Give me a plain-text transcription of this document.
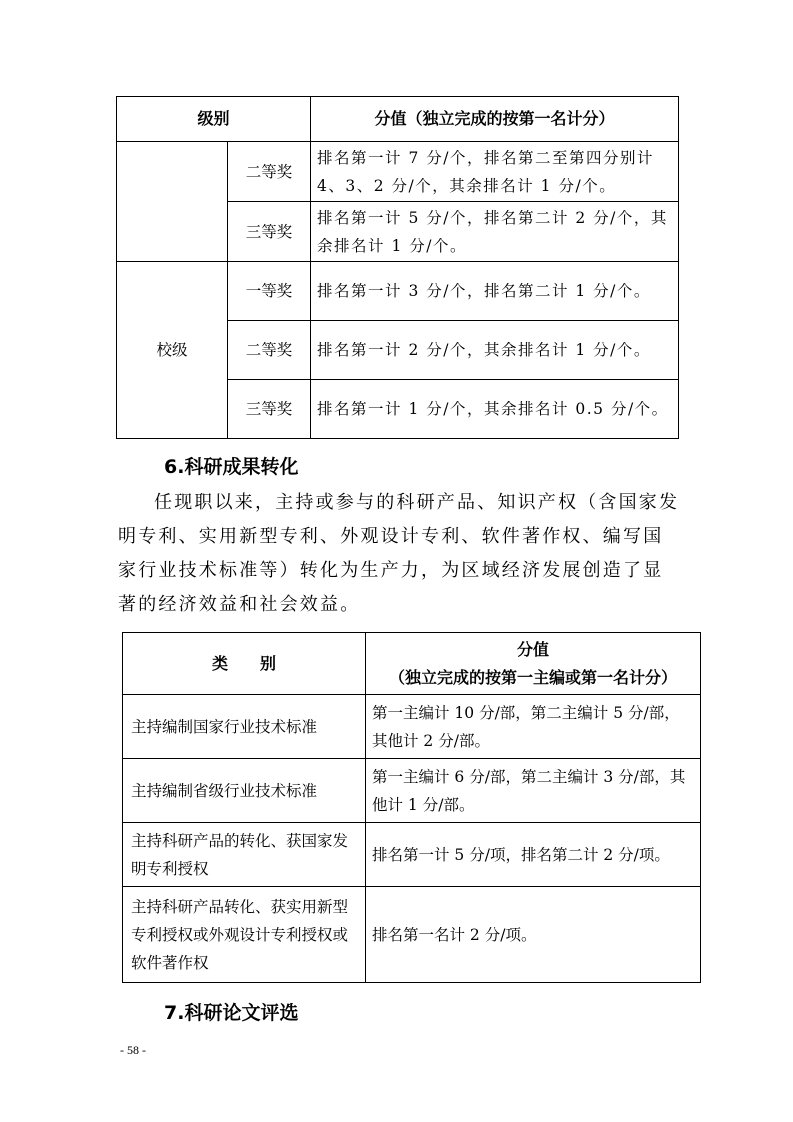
级别		分值（独立完成的按第一名计分）
	二等奖	排名第一计 7 分/个，排名第二至第四分别计 4、3、2 分/个，其余排名计 1 分/个。
	三等奖	排名第一计 5 分/个，排名第二计 2 分/个，其余排名计 1 分/个。
校级	一等奖	排名第一计 3 分/个，排名第二计 1 分/个。
	二等奖	排名第一计 2 分/个，其余排名计 1 分/个。
	三等奖	排名第一计 1 分/个，其余排名计 0.5 分/个。
6.科研成果转化

任现职以来，主持或参与的科研产品、知识产权（含国家发明专利、实用新型专利、外观设计专利、软件著作权、编写国家行业技术标准等）转化为生产力，为区域经济发展创造了显著的经济效益和社会效益。

类　　别	分值
（独立完成的按第一主编或第一名计分）

主持编制国家行业技术标准	第一主编计 10 分/部，第二主编计 5 分/部，其他计 2 分/部。
主持编制省级行业技术标准	第一主编计 6 分/部，第二主编计 3 分/部，其他计 1 分/部。
主持科研产品的转化、获国家发明专利授权	排名第一计 5 分/项，排名第二计 2 分/项。
主持科研产品转化、获实用新型专利授权或外观设计专利授权或软件著作权	排名第一名计 2 分/项。
7.科研论文评选
- 58 -
